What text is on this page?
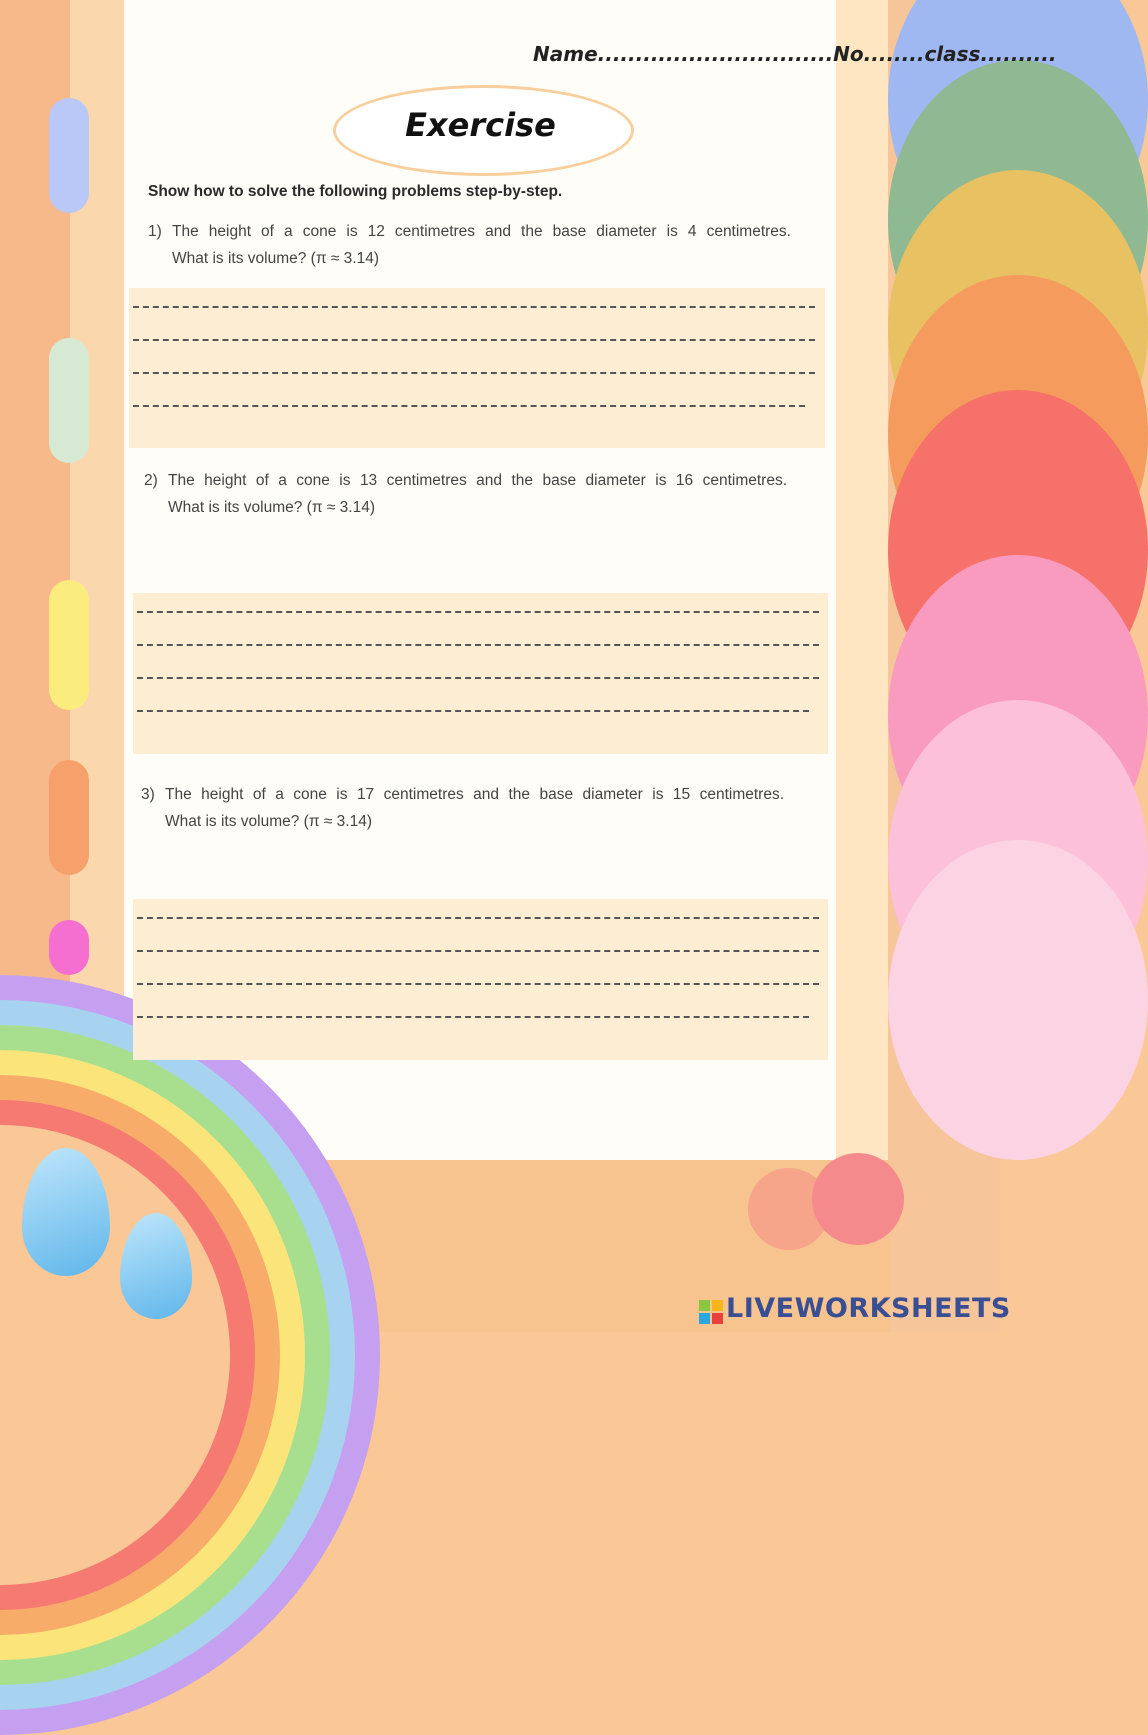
Name...............................No........class..........
Exercise
Show how to solve the following problems step-by-step.
1) The height of a cone is 12 centimetres and the base diameter is 4 centimetres.
What is its volume? (π ≈ 3.14)
2) The height of a cone is 13 centimetres and the base diameter is 16 centimetres.
What is its volume? (π ≈ 3.14)
3) The height of a cone is 17 centimetres and the base diameter is 15 centimetres.
What is its volume? (π ≈ 3.14)
LIVEWORKSHEETS
